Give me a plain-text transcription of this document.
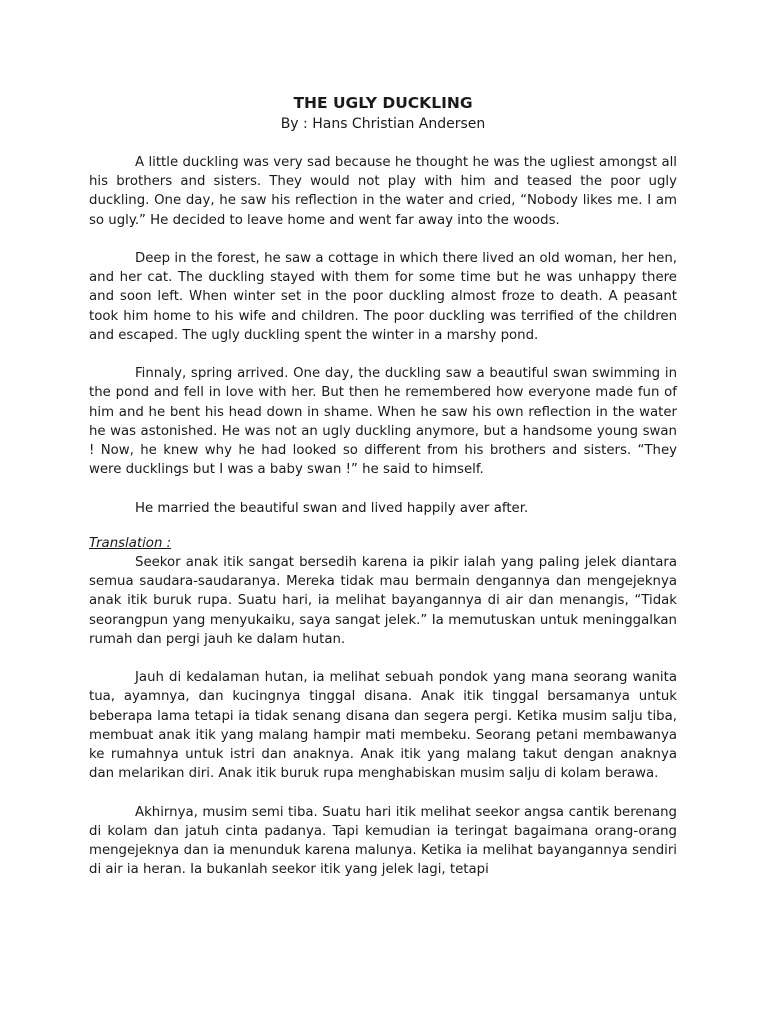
THE UGLY DUCKLING

By : Hans Christian Andersen

A little duckling was very sad because he thought he was the ugliest amongst all his brothers and sisters. They would not play with him and teased the poor ugly duckling. One day, he saw his reflection in the water and cried, “Nobody likes me. I am so ugly.” He decided to leave home and went far away into the woods.

Deep in the forest, he saw a cottage in which there lived an old woman, her hen, and her cat. The duckling stayed with them for some time but he was unhappy there and soon left. When winter set in the poor duckling almost froze to death. A peasant took him home to his wife and children. The poor duckling was terrified of the children and escaped. The ugly duckling spent the winter in a marshy pond.

Finnaly, spring arrived. One day, the duckling saw a beautiful swan swimming in the pond and fell in love with her. But then he remembered how everyone made fun of him and he bent his head down in shame. When he saw his own reflection in the water he was astonished. He was not an ugly duckling anymore, but a handsome young swan ! Now, he knew why he had looked so different from his brothers and sisters. “They were ducklings but I was a baby swan !” he said to himself.

He married the beautiful swan and lived happily aver after.

Translation :

Seekor anak itik sangat bersedih karena ia pikir ialah yang paling jelek diantara semua saudara-saudaranya. Mereka tidak mau bermain dengannya dan mengejeknya anak itik buruk rupa. Suatu hari, ia melihat bayangannya di air dan menangis, “Tidak seorangpun yang menyukaiku, saya sangat jelek.” Ia memutuskan untuk meninggalkan rumah dan pergi jauh ke dalam hutan.

Jauh di kedalaman hutan, ia melihat sebuah pondok yang mana seorang wanita tua, ayamnya, dan kucingnya tinggal disana. Anak itik tinggal bersamanya untuk beberapa lama tetapi ia tidak senang disana dan segera pergi. Ketika musim salju tiba, membuat anak itik yang malang hampir mati membeku. Seorang petani membawanya ke rumahnya untuk istri dan anaknya. Anak itik yang malang takut dengan anaknya dan melarikan diri. Anak itik buruk rupa menghabiskan musim salju di kolam berawa.

Akhirnya, musim semi tiba. Suatu hari itik melihat seekor angsa cantik berenang di kolam dan jatuh cinta padanya. Tapi kemudian ia teringat bagaimana orang-orang mengejeknya dan ia menunduk karena malunya. Ketika ia melihat bayangannya sendiri di air ia heran. Ia bukanlah seekor itik yang jelek lagi, tetapi
